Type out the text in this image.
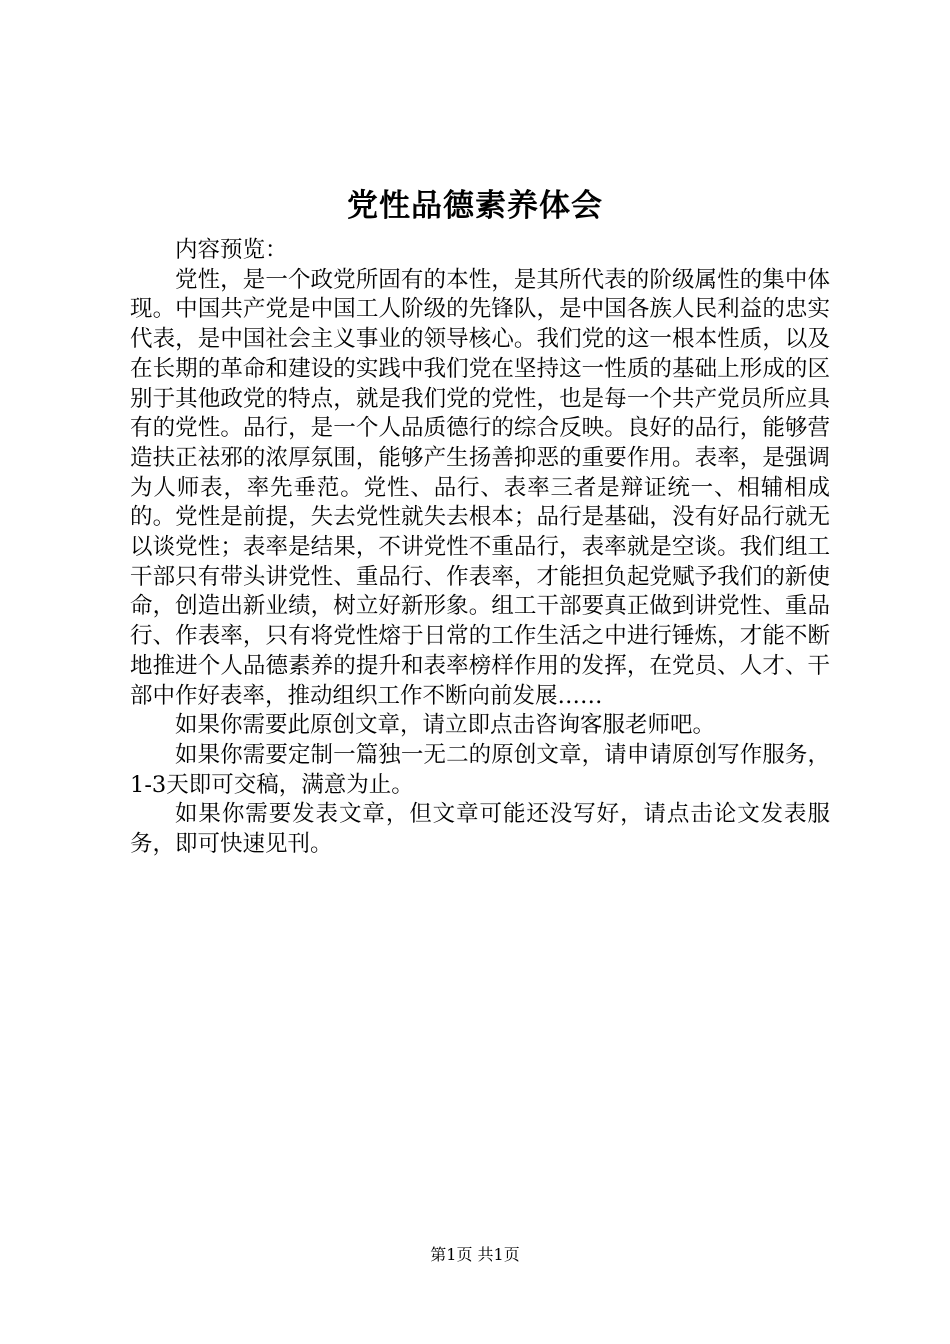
党性品德素养体会

内容预览：

党性，是一个政党所固有的本性，是其所代表的阶级属性的集中体现。中国共产党是中国工人阶级的先锋队，是中国各族人民利益的忠实代表，是中国社会主义事业的领导核心。我们党的这一根本性质，以及在长期的革命和建设的实践中我们党在坚持这一性质的基础上形成的区别于其他政党的特点，就是我们党的党性，也是每一个共产党员所应具有的党性。品行，是一个人品质德行的综合反映。良好的品行，能够营造扶正祛邪的浓厚氛围，能够产生扬善抑恶的重要作用。表率，是强调为人师表，率先垂范。党性、品行、表率三者是辩证统一、相辅相成的。党性是前提，失去党性就失去根本；品行是基础，没有好品行就无以谈党性；表率是结果，不讲党性不重品行，表率就是空谈。我们组工干部只有带头讲党性、重品行、作表率，才能担负起党赋予我们的新使命，创造出新业绩，树立好新形象。组工干部要真正做到讲党性、重品行、作表率，只有将党性熔于日常的工作生活之中进行锤炼，才能不断地推进个人品德素养的提升和表率榜样作用的发挥，在党员、人才、干部中作好表率，推动组织工作不断向前发展……

如果你需要此原创文章，请立即点击咨询客服老师吧。

如果你需要定制一篇独一无二的原创文章，请申请原创写作服务，1-3天即可交稿，满意为止。

如果你需要发表文章，但文章可能还没写好，请点击论文发表服务，即可快速见刊。

第1页 共1页
